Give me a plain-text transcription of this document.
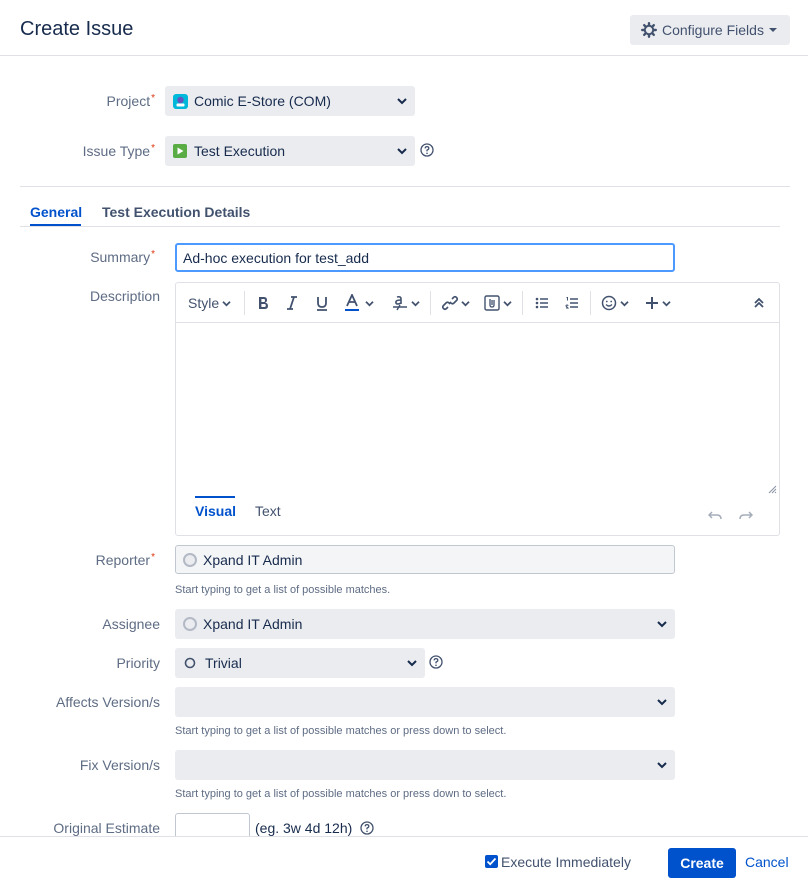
Create Issue	Configure Fields
Project*	Comic E-Store (COM)
Issue Type*	Test Execution
General Test Execution Details
Summary*	Ad-hoc execution for test_add
Description Style
Visual Text
Reporter*	Xpand IT Admin
Start typing to get a list of possible matches.
Assignee	Xpand IT Admin
Priority	Trivial
Affects Version/s
Start typing to get a list of possible matches or press down to select.
Fix Version/s
Start typing to get a list of possible matches or press down to select.
Original Estimate	(eg. 3w 4d 12h)
Execute Immediately	Create	Cancel
